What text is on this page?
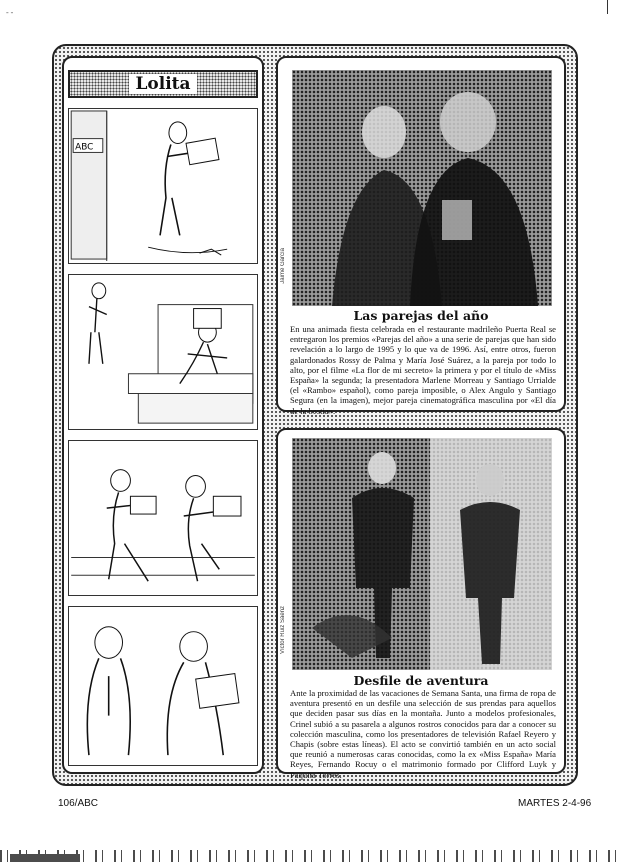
- -
Lolita
ABC
Jaime García
Las parejas del año

En una animada fiesta celebrada en el restaurante madrileño Puerta Real se entregaron los premios «Parejas del año» a una serie de parejas que han sido revelación a lo largo de 1995 y lo que va de 1996. Así, entre otros, fueron galardonados Rossy de Palma y María José Suárez, a la pareja por todo lo alto, por el filme «La flor de mi secreto» la primera y por el título de «Miss España» la segunda; la presentadora Marlene Morreau y Santiago Urrialde (el «Rambo» español), como pareja imposible, o Alex Angulo y Santiago Segura (en la imagen), mejor pareja cinematográfica masculina por «El día de la bestia».

Víctor Ruiz Sáenz
Desfile de aventura

Ante la proximidad de las vacaciones de Semana Santa, una firma de ropa de aventura presentó en un desfile una selección de sus prendas para aquellos que deciden pasar sus días en la montaña. Junto a modelos profesionales, Crinel subió a su pasarela a algunos rostros conocidos para dar a conocer su colección masculina, como los presentadores de televisión Rafael Reyero y Chapis (sobre estas líneas). El acto se convirtió también en un acto social que reunió a numerosas caras conocidas, como la ex «Miss España» María Reyes, Fernando Rocuy o el matrimonio formado por Clifford Luyk y Paquita Torres.

106/ABC	MARTES 2-4-96
